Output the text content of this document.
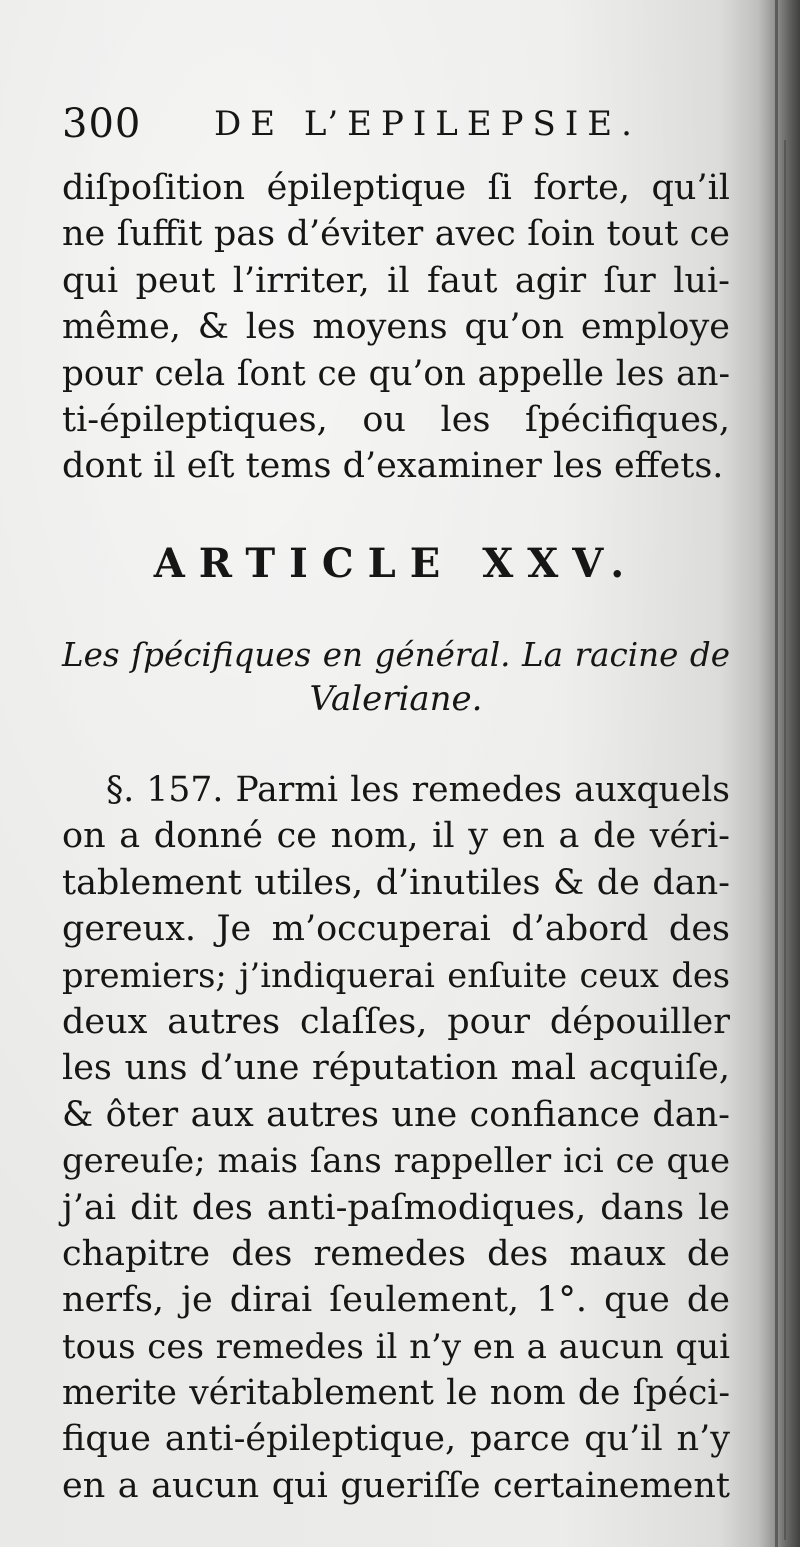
300 DE L’EPILEPSIE.
diſpoſition épileptique ſi forte, qu’il
ne ſuffit pas d’éviter avec ſoin tout ce
qui peut l’irriter, il faut agir ſur lui-
même, & les moyens qu’on employe
pour cela ſont ce qu’on appelle les an-
ti-épileptiques, ou les ſpécifiques,
dont il eſt tems d’examiner les effets.
ARTICLE XXV.
Les ſpécifiques en général. La racine de
Valeriane.
§. 157. Parmi les remedes auxquels
on a donné ce nom, il y en a de véri-
tablement utiles, d’inutiles & de dan-
gereux. Je m’occuperai d’abord des
premiers; j’indiquerai enſuite ceux des
deux autres claſſes, pour dépouiller
les uns d’une réputation mal acquiſe,
& ôter aux autres une confiance dan-
gereuſe; mais ſans rappeller ici ce que
j’ai dit des anti-paſmodiques, dans le
chapitre des remedes des maux de
nerfs, je dirai ſeulement, 1°. que de
tous ces remedes il n’y en a aucun qui
merite véritablement le nom de ſpéci-
fique anti-épileptique, parce qu’il n’y
en a aucun qui gueriſſe certainement
